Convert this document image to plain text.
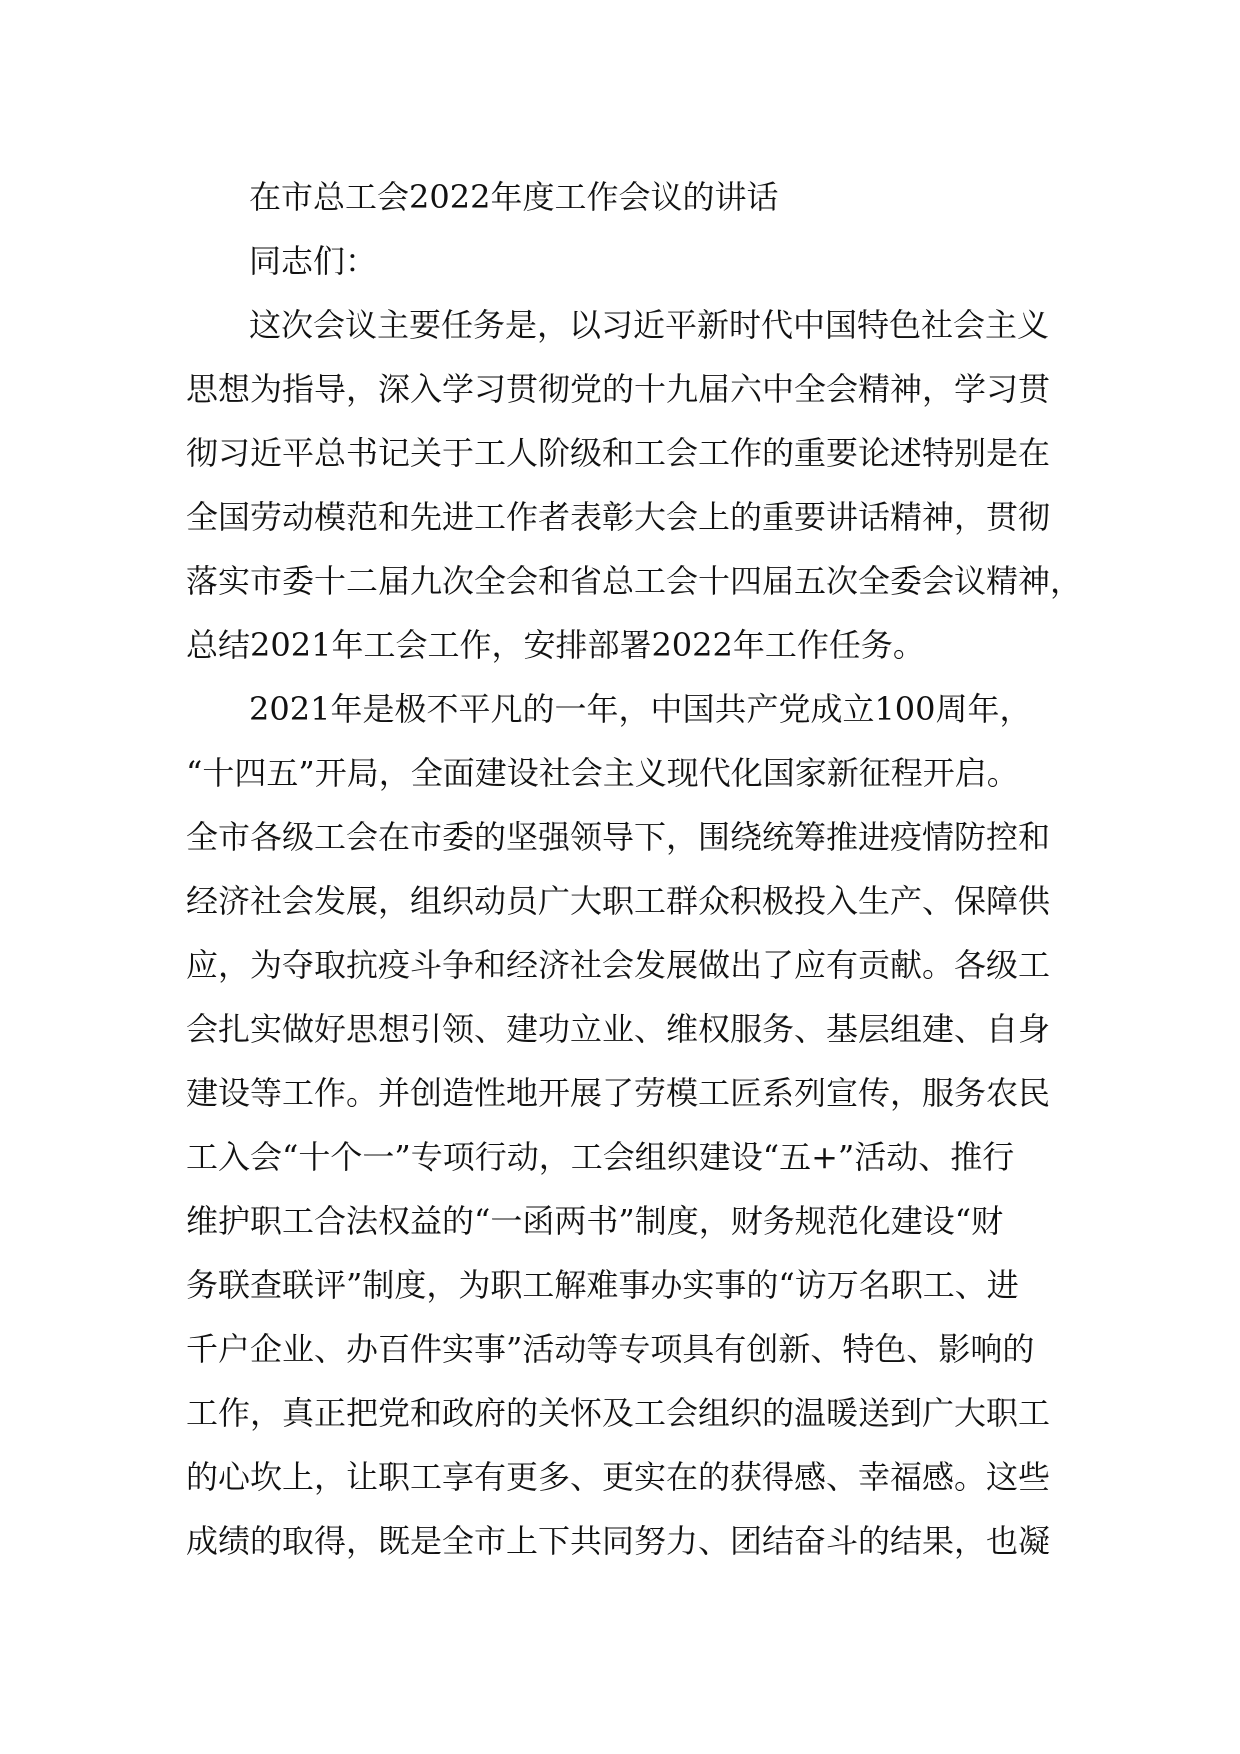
在市总工会2022年度工作会议的讲话
同志们：
这次会议主要任务是，以习近平新时代中国特色社会主义
思想为指导，深入学习贯彻党的十九届六中全会精神，学习贯
彻习近平总书记关于工人阶级和工会工作的重要论述特别是在
全国劳动模范和先进工作者表彰大会上的重要讲话精神，贯彻
落实市委十二届九次全会和省总工会十四届五次全委会议精神，
总结2021年工会工作，安排部署2022年工作任务。
2021年是极不平凡的一年，中国共产党成立100周年，
“十四五”开局，全面建设社会主义现代化国家新征程开启。
全市各级工会在市委的坚强领导下，围绕统筹推进疫情防控和
经济社会发展，组织动员广大职工群众积极投入生产、保障供
应，为夺取抗疫斗争和经济社会发展做出了应有贡献。各级工
会扎实做好思想引领、建功立业、维权服务、基层组建、自身
建设等工作。并创造性地开展了劳模工匠系列宣传，服务农民
工入会“十个一”专项行动，工会组织建设“五+”活动、推行
维护职工合法权益的“一函两书”制度，财务规范化建设“财
务联查联评”制度，为职工解难事办实事的“访万名职工、进
千户企业、办百件实事”活动等专项具有创新、特色、影响的
工作，真正把党和政府的关怀及工会组织的温暖送到广大职工
的心坎上，让职工享有更多、更实在的获得感、幸福感。这些
成绩的取得，既是全市上下共同努力、团结奋斗的结果，也凝
